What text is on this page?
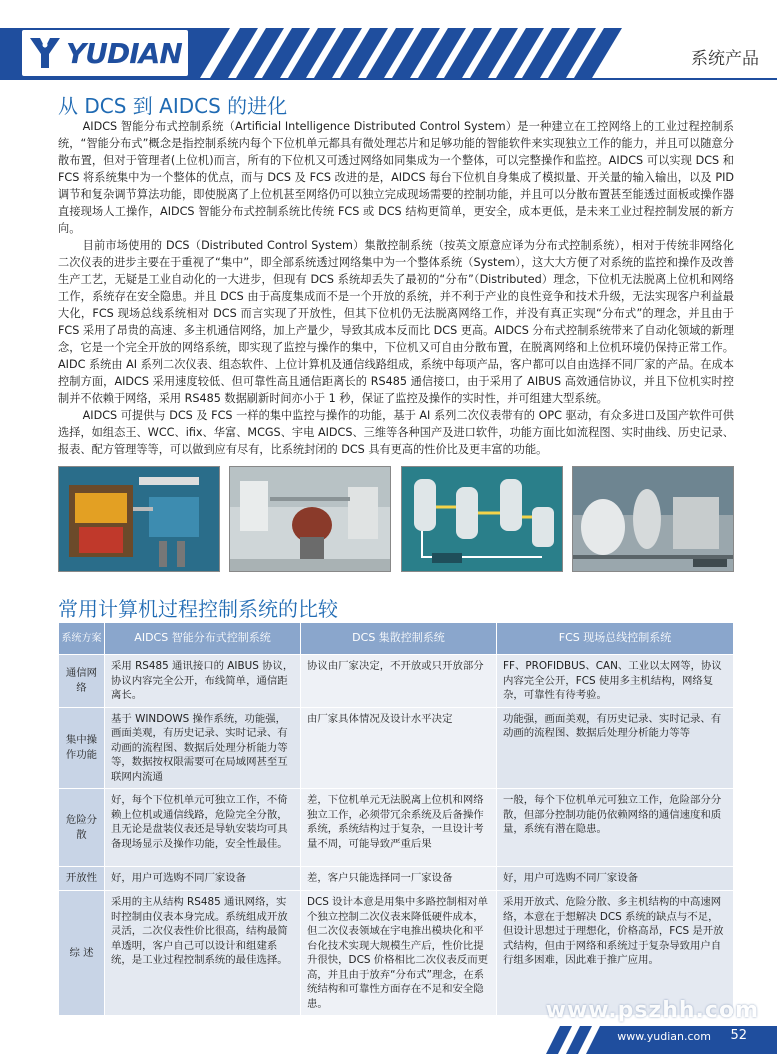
YUDIAN	系统产品
从 DCS 到 AIDCS 的进化

AIDCS 智能分布式控制系统（Artificial Intelligence Distributed Control System）是一种建立在工控网络上的工业过程控制系统，“智能分布式”概念是指控制系统内每个下位机单元都具有微处理芯片和足够功能的智能软件来实现独立工作的能力，并且可以随意分散布置，但对于管理者(上位机)而言，所有的下位机又可透过网络如同集成为一个整体，可以完整操作和监控。AIDCS 可以实现 DCS 和 FCS 将系统集中为一个整体的优点，而与 DCS 及 FCS 改进的是，AIDCS 每台下位机自身集成了模拟量、开关量的输入输出，以及 PID 调节和复杂调节算法功能，即使脱离了上位机甚至网络仍可以独立完成现场需要的控制功能，并且可以分散布置甚至能透过面板或操作器直接现场人工操作，AIDCS 智能分布式控制系统比传统 FCS 或 DCS 结构更简单，更安全，成本更低，是未来工业过程控制发展的新方向。

目前市场使用的 DCS（Distributed Control System）集散控制系统（按英文原意应译为分布式控制系统），相对于传统非网络化二次仪表的进步主要在于重视了“集中”，即全部系统透过网络集中为一个整体系统（System），这大大方便了对系统的监控和操作及改善生产工艺，无疑是工业自动化的一大进步，但现有 DCS 系统却丢失了最初的“分布”（Distributed）理念，下位机无法脱离上位机和网络工作，系统存在安全隐患。并且 DCS 由于高度集成而不是一个开放的系统，并不利于产业的良性竞争和技术升级，无法实现客户利益最大化，FCS 现场总线系统相对 DCS 而言实现了开放性，但其下位机仍无法脱离网络工作，并没有真正实现“分布式”的理念，并且由于 FCS 采用了昂贵的高速、多主机通信网络，加上产量少，导致其成本反而比 DCS 更高。AIDCS 分布式控制系统带来了自动化领域的新理念，它是一个完全开放的网络系统，即实现了监控与操作的集中，下位机又可自由分散布置，在脱离网络和上位机环境仍保持正常工作。AIDC 系统由 AI 系列二次仪表、组态软件、上位计算机及通信线路组成，系统中每项产品，客户都可以自由选择不同厂家的产品。在成本控制方面，AIDCS 采用速度较低、但可靠性高且通信距离长的 RS485 通信接口，由于采用了 AIBUS 高效通信协议，并且下位机实时控制并不依赖于网络，采用 RS485 数据刷新时间亦小于 1 秒，保证了监控及操作的实时性，并可组建大型系统。

AIDCS 可提供与 DCS 及 FCS 一样的集中监控与操作的功能，基于 AI 系列二次仪表带有的 OPC 驱动，有众多进口及国产软件可供选择，如组态王、WCC、ifix、华富、MCGS、宇电 AIDCS、三维等各种国产及进口软件，功能方面比如流程图、实时曲线、历史记录、报表、配方管理等等，可以做到应有尽有，比系统封闭的 DCS 具有更高的性价比及更丰富的功能。

常用计算机过程控制系统的比较
系统方案	AIDCS 智能分布式控制系统	DCS 集散控制系统	FCS 现场总线控制系统
通信网络	采用 RS485 通讯接口的 AIBUS 协议，协议内容完全公开，布线简单，通信距离长。	协议由厂家决定，不开放或只开放部分	FF、PROFIDBUS、CAN、工业以太网等，协议内容完全公开，FCS 使用多主机结构，网络复杂，可靠性有待考验。
集中操作功能	基于 WINDOWS 操作系统，功能强，画面美观，有历史记录、实时记录、有动画的流程图、数据后处理分析能力等等，数据按权限需要可在局域网甚至互联网内流通	由厂家具体情况及设计水平决定	功能强，画面美观，有历史记录、实时记录、有动画的流程图、数据后处理分析能力等等
危险分散	好，每个下位机单元可独立工作，不倚赖上位机或通信线路，危险完全分散，且无论是盘装仪表还是导轨安装均可具备现场显示及操作功能，安全性最佳。	差，下位机单元无法脱离上位机和网络独立工作，必须带冗余系统及后备操作系统，系统结构过于复杂，一旦设计考量不周，可能导致严重后果	一般，每个下位机单元可独立工作，危险部分分散，但部分控制功能仍依赖网络的通信速度和质量，系统有潜在隐患。
开放性	好，用户可选购不同厂家设备	差，客户只能选择同一厂家设备	好，用户可选购不同厂家设备
综 述	采用的主从结构 RS485 通讯网络，实时控制由仪表本身完成。系统组成开放灵活，二次仪表性价比很高，结构最简单透明，客户自己可以设计和组建系统，是工业过程控制系统的最佳选择。	DCS 设计本意是用集中多路控制相对单个独立控制二次仪表来降低硬件成本，但二次仪表领域在宇电推出模块化和平台化技术实现大规模生产后，性价比提升很快，DCS 价格相比二次仪表反而更高，并且由于放弃“分布式”理念，在系统结构和可靠性方面存在不足和安全隐患。	采用开放式、危险分散、多主机结构的中高速网络，本意在于想解决 DCS 系统的缺点与不足，但设计思想过于理想化，价格高昂，FCS 是开放式结构，但由于网络和系统过于复杂导致用户自行组多困难，因此难于推广应用。
www.pszhh.com
www.yudian.com 52
